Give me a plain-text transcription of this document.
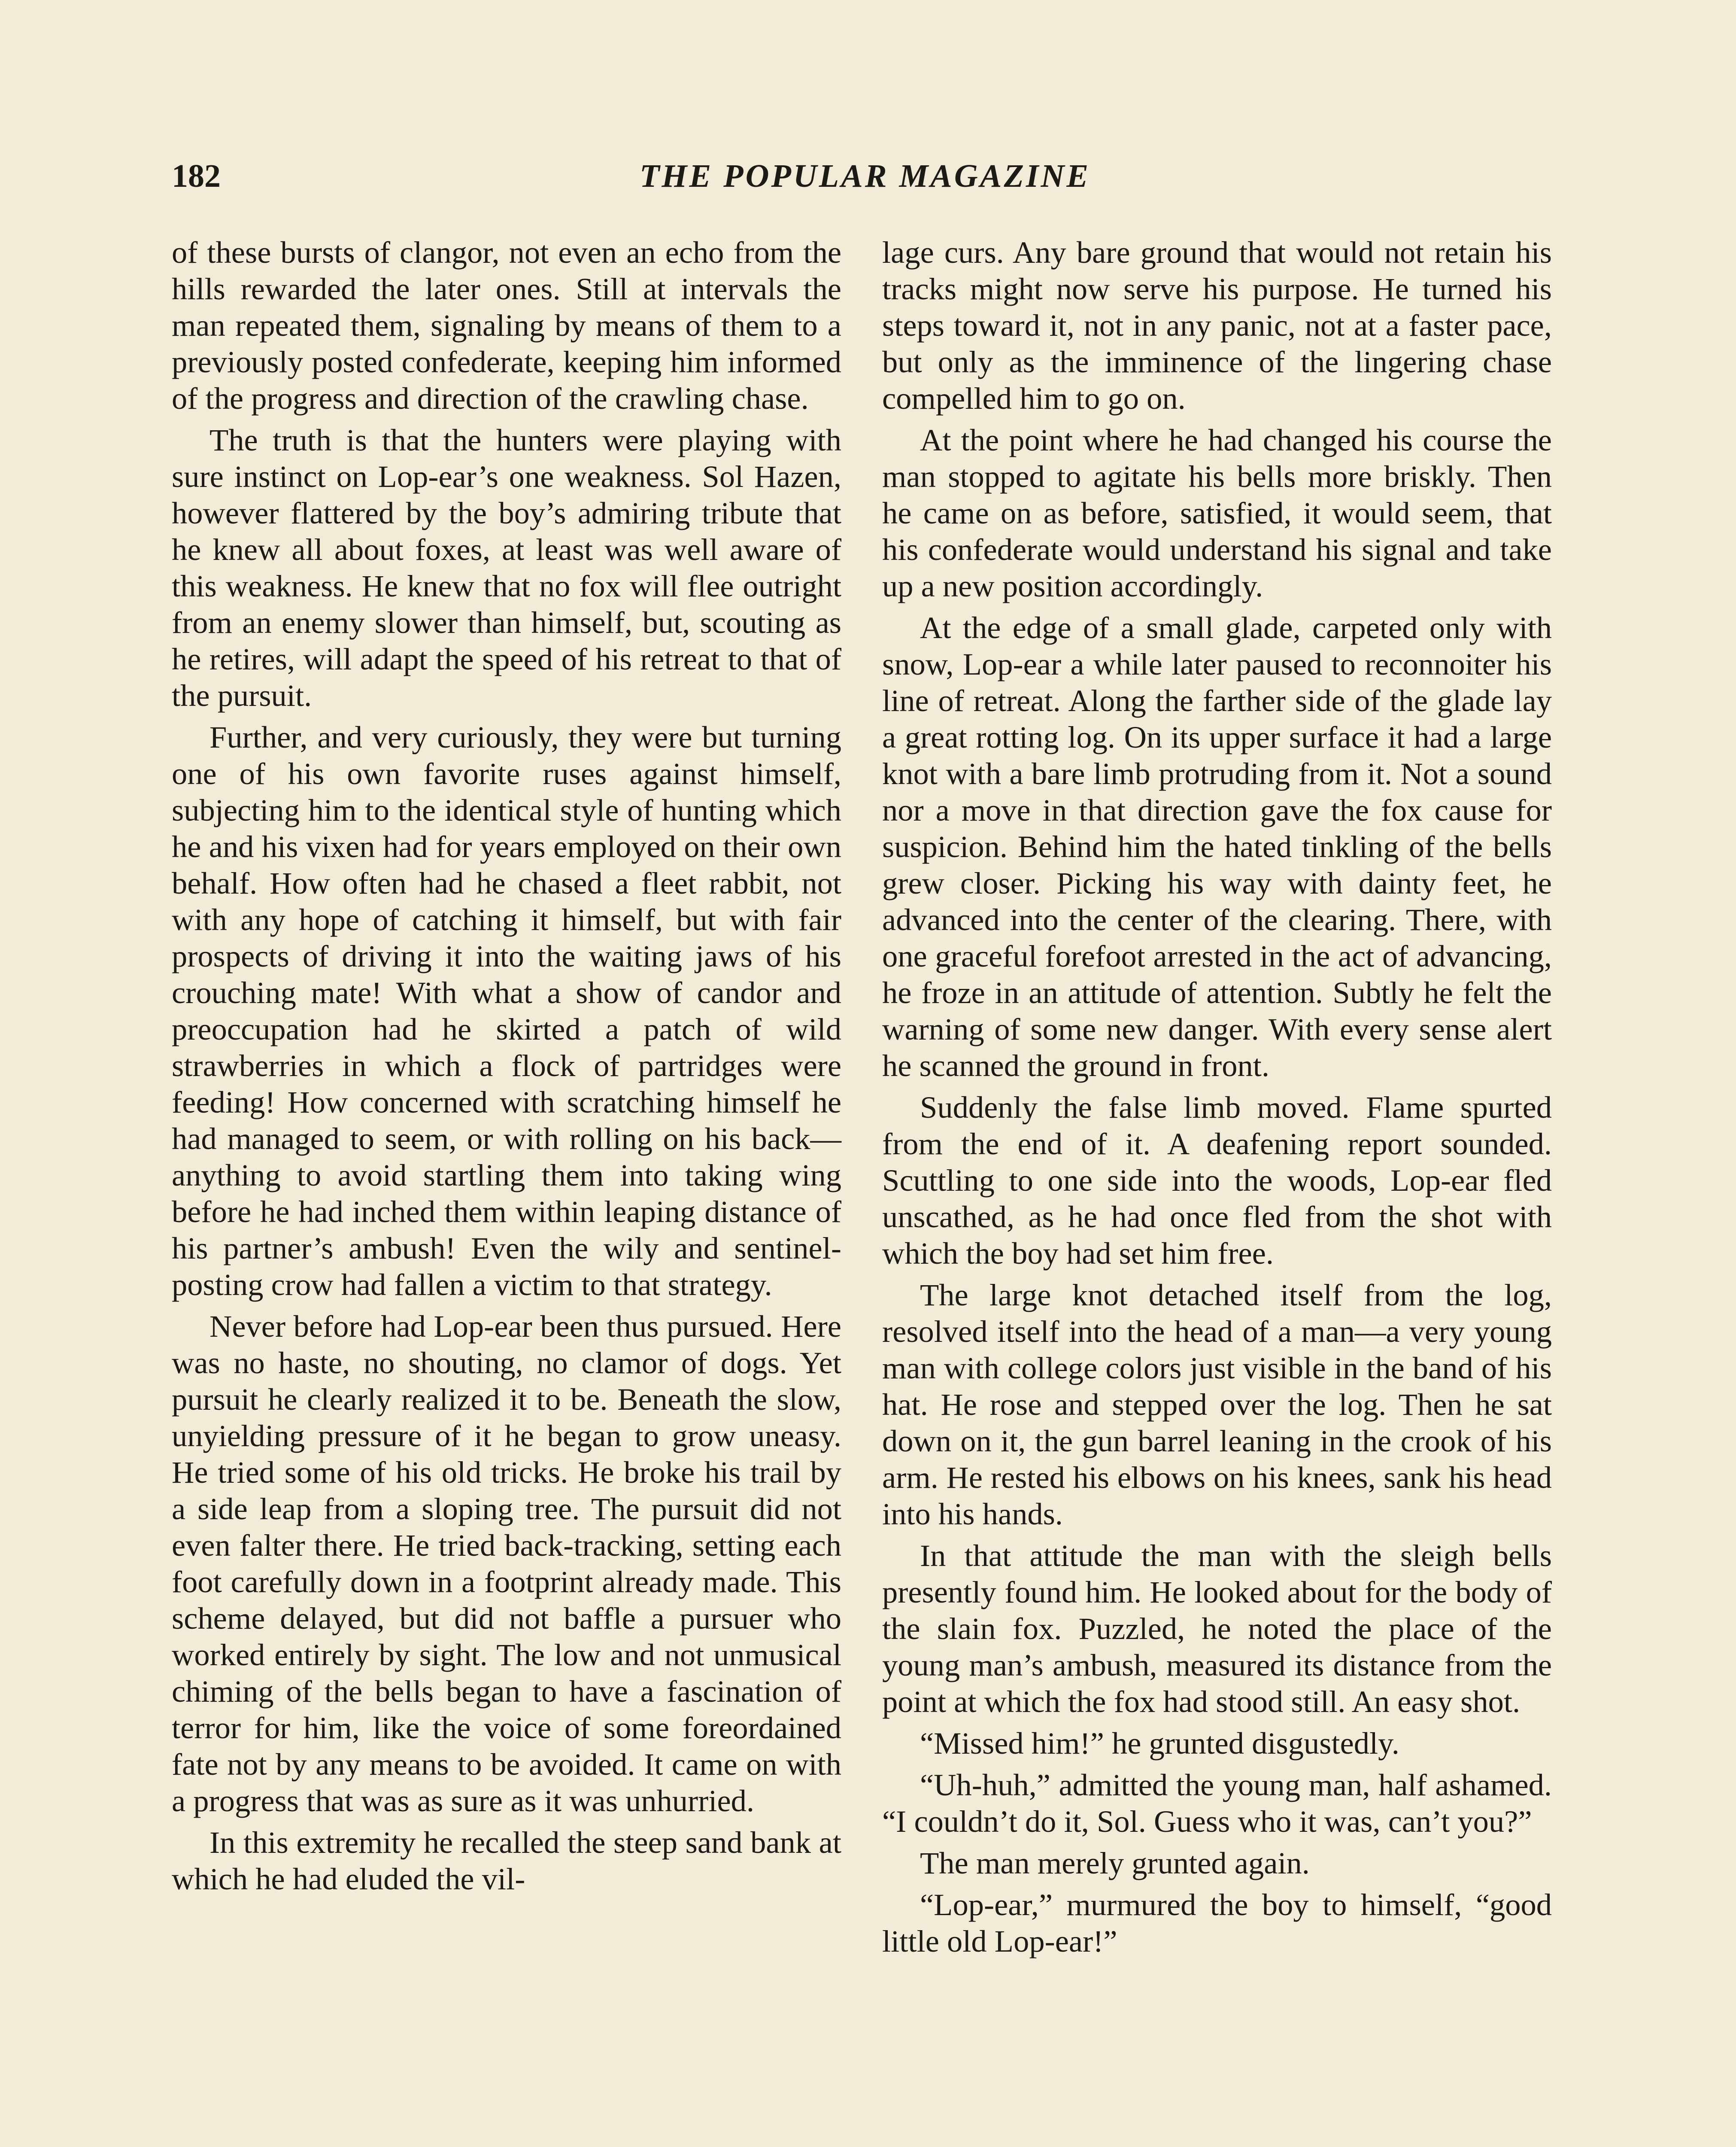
182	THE POPULAR MAGAZINE

of these bursts of clangor, not even an echo from the hills rewarded the later ones. Still at intervals the man repeated them, signaling by means of them to a previously posted confederate, keeping him informed of the progress and direction of the crawling chase.

The truth is that the hunters were playing with sure instinct on Lop-ear’s one weakness. Sol Hazen, however flattered by the boy’s admiring tribute that he knew all about foxes, at least was well aware of this weakness. He knew that no fox will flee outright from an enemy slower than himself, but, scouting as he retires, will adapt the speed of his retreat to that of the pursuit.

Further, and very curiously, they were but turning one of his own favorite ruses against himself, subjecting him to the identical style of hunting which he and his vixen had for years employed on their own behalf. How often had he chased a fleet rabbit, not with any hope of catching it himself, but with fair prospects of driving it into the waiting jaws of his crouching mate! With what a show of candor and preoccupation had he skirted a patch of wild strawberries in which a flock of partridges were feeding! How concerned with scratching himself he had managed to seem, or with rolling on his back—anything to avoid startling them into taking wing before he had inched them within leaping distance of his partner’s ambush! Even the wily and sentinel-posting crow had fallen a victim to that strategy.

Never before had Lop-ear been thus pursued. Here was no haste, no shouting, no clamor of dogs. Yet pursuit he clearly realized it to be. Beneath the slow, unyielding pressure of it he began to grow uneasy. He tried some of his old tricks. He broke his trail by a side leap from a sloping tree. The pursuit did not even falter there. He tried back-tracking, setting each foot carefully down in a footprint already made. This scheme delayed, but did not baffle a pursuer who worked entirely by sight. The low and not unmusical chiming of the bells began to have a fascination of terror for him, like the voice of some foreordained fate not by any means to be avoided. It came on with a progress that was as sure as it was unhurried.

In this extremity he recalled the steep sand bank at which he had eluded the vil-

lage curs. Any bare ground that would not retain his tracks might now serve his purpose. He turned his steps toward it, not in any panic, not at a faster pace, but only as the imminence of the lingering chase compelled him to go on.

At the point where he had changed his course the man stopped to agitate his bells more briskly. Then he came on as before, satisfied, it would seem, that his confederate would understand his signal and take up a new position accordingly.

At the edge of a small glade, carpeted only with snow, Lop-ear a while later paused to reconnoiter his line of retreat. Along the farther side of the glade lay a great rotting log. On its upper surface it had a large knot with a bare limb protruding from it. Not a sound nor a move in that direction gave the fox cause for suspicion. Behind him the hated tinkling of the bells grew closer. Picking his way with dainty feet, he advanced into the center of the clearing. There, with one graceful forefoot arrested in the act of advancing, he froze in an attitude of attention. Subtly he felt the warning of some new danger. With every sense alert he scanned the ground in front.

Suddenly the false limb moved. Flame spurted from the end of it. A deafening report sounded. Scuttling to one side into the woods, Lop-ear fled unscathed, as he had once fled from the shot with which the boy had set him free.

The large knot detached itself from the log, resolved itself into the head of a man—a very young man with college colors just visible in the band of his hat. He rose and stepped over the log. Then he sat down on it, the gun barrel leaning in the crook of his arm. He rested his elbows on his knees, sank his head into his hands.

In that attitude the man with the sleigh bells presently found him. He looked about for the body of the slain fox. Puzzled, he noted the place of the young man’s ambush, measured its distance from the point at which the fox had stood still. An easy shot.

“Missed him!” he grunted disgustedly.

“Uh-huh,” admitted the young man, half ashamed. “I couldn’t do it, Sol. Guess who it was, can’t you?”

The man merely grunted again.

“Lop-ear,” murmured the boy to himself, “good little old Lop-ear!”
